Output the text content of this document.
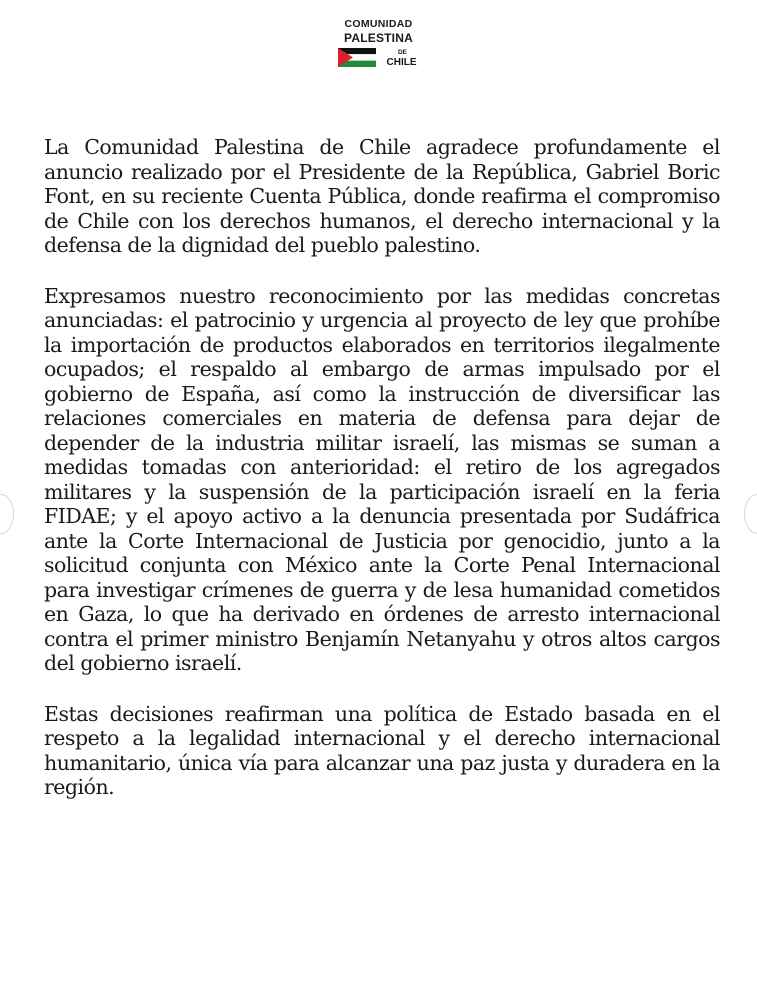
COMUNIDAD
PALESTINA
DE
CHILE

La Comunidad Palestina de Chile agradece profundamente el anuncio realizado por el Presidente de la República, Gabriel Boric Font, en su reciente Cuenta Pública, donde reafirma el compromiso de Chile con los derechos humanos, el derecho internacional y la defensa de la dignidad del pueblo palestino.

Expresamos nuestro reconocimiento por las medidas concretas anunciadas: el patrocinio y urgencia al proyecto de ley que prohíbe la importación de productos elaborados en territorios ilegalmente ocupados; el respaldo al embargo de armas impulsado por el gobierno de España, así como la instrucción de diversificar las relaciones comerciales en materia de defensa para dejar de depender de la industria militar israelí, las mismas se suman a medidas tomadas con anterioridad: el retiro de los agregados militares y la suspensión de la participación israelí en la feria FIDAE; y el apoyo activo a la denuncia presentada por Sudáfrica ante la Corte Internacional de Justicia por genocidio, junto a la solicitud conjunta con México ante la Corte Penal Internacional para investigar crímenes de guerra y de lesa humanidad cometidos en Gaza, lo que ha derivado en órdenes de arresto internacional contra el primer ministro Benjamín Netanyahu y otros altos cargos del gobierno israelí.

Estas decisiones reafirman una política de Estado basada en el respeto a la legalidad internacional y el derecho internacional humanitario, única vía para alcanzar una paz justa y duradera en la región.
